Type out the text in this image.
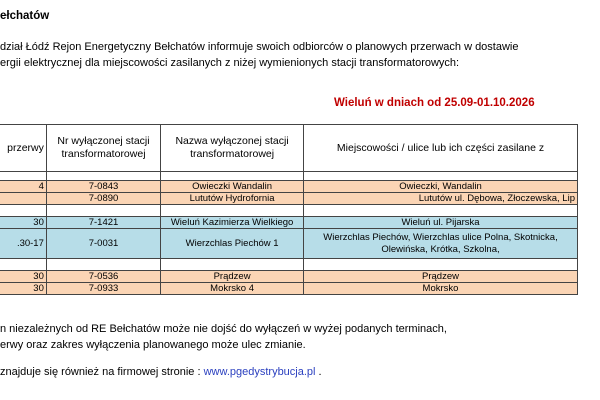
ełchatów
dział Łódź Rejon Energetyczny Bełchatów informuje swoich odbiorców o planowych przerwach w dostawie
ergii elektrycznej dla miejscowości zasilanych z niżej wymienionych stacji transformatorowych:
Wieluń w dniach od 25.09-01.10.2026
przerwy	Nr wyłączonej stacji transformatorowej	Nazwa wyłączonej stacji transformatorowej	Miejscowości / ulice lub ich części zasilane z

4	7-0843	Owieczki Wandalin	Owieczki, Wandalin
	7-0890	Lututów Hydrofornia	Lututów ul. Dębowa, Złoczewska, Lip

30	7-1421	Wieluń Kazimierza Wielkiego	Wieluń ul. Pijarska
.30-17	7-0031	Wierzchlas Piechów 1	Wierzchlas Piechów, Wierzchlas ulice Polna, Skotnicka,
Olewińska, Krótka, Szkolna,

30	7-0536	Prądzew	Prądzew
30	7-0933	Mokrsko 4	Mokrsko
n niezależnych od RE Bełchatów może nie dojść do wyłączeń w wyżej podanych terminach,
erwy oraz zakres wyłączenia planowanego może ulec zmianie.
znajduje się również na firmowej stronie : www.pgedystrybucja.pl .
